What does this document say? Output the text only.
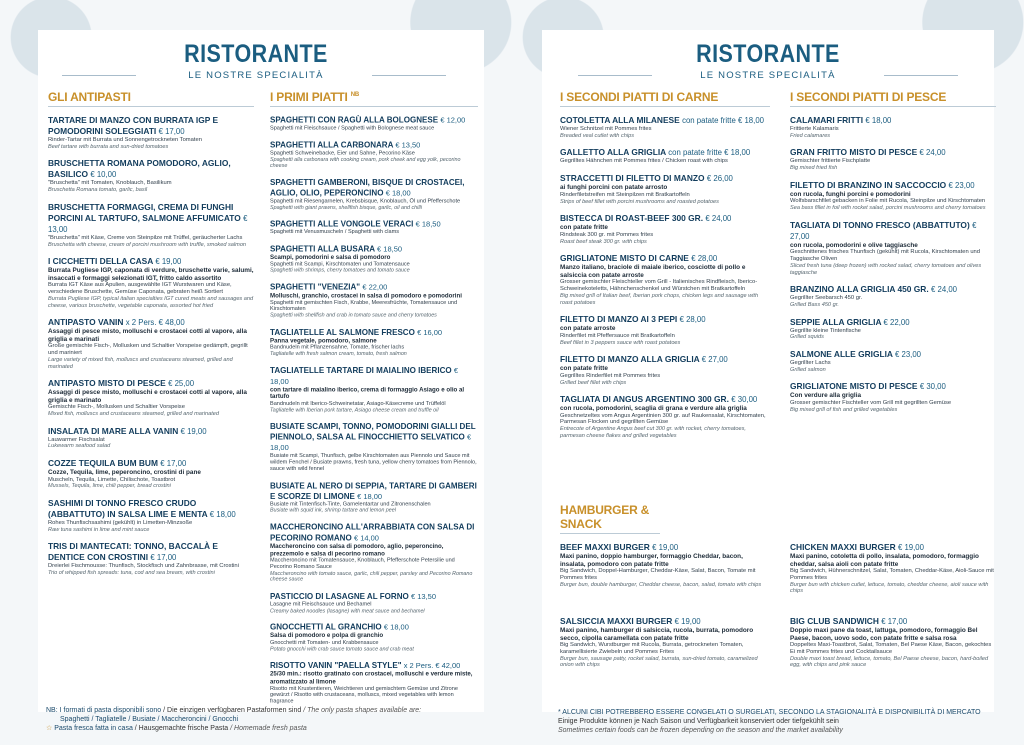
RISTORANTE
LE NOSTRE SPECIALITÀ
GLI ANTIPASTI
TARTARE DI MANZO CON BURRATA IGP E POMODORINI SOLEGGIATI € 17,00
Rinder-Tartar mit Burrata und Sonnengetrockneten Tomaten
Beef tartare with burrata and sun-dried tomatoes
BRUSCHETTA ROMANA POMODORO, AGLIO, BASILICO € 10,00
"Bruschetta" mit Tomaten, Knoblauch, Basilikum
Bruschetta Romana tomato, garlic, basil
BRUSCHETTA FORMAGGI, CREMA DI FUNGHI PORCINI AL TARTUFO, SALMONE AFFUMICATO € 13,00
"Bruschetta" mit Käse, Creme von Steinpilze mit Trüffel, geräucherter Lachs
Bruschetta with cheese, cream of porcini mushroom with truffle, smoked salmon
I CICCHETTI DELLA CASA € 19,00
Burrata Pugliese IGP, caponata di verdure, bruschette varie, salumi, insaccati e formaggi selezionati IGT, fritto caldo assortito
Burrata IGT Käse aus Apulien, ausgewählte IGT Wurstwaren und Käse, verschiedene Bruschette, Gemüse Caponata, gebraten heiß Sortiert
Burrata Pugliese IGP, typical italian specialties IGT cured meats and sausages and cheese, various bruschette, vegetable caponata, assorted hot fried
ANTIPASTO VANIN x 2 Pers. € 48,00
Assaggi di pesce misto, molluschi e crostacei cotti al vapore, alla griglia e marinati
Große gemischte Fisch-, Mollusken und Schaltier Vorspeise gedämpft, gegrillt und mariniert
Large variety of mixed fish, molluscs and crustaceans steamed, grilled and marinated
ANTIPASTO MISTO DI PESCE € 25,00
Assaggi di pesce misto, molluschi e crostacei cotti al vapore, alla griglia e marinato
Gemischte Fisch-, Mollusken und Schaltier Vorspeise
Mixed fish, molluscs and crustaceans steamed, grilled and marinated
INSALATA DI MARE ALLA VANIN € 19,00
Lauwarmer Fischsalat
Lukewarm seafood salad
COZZE TEQUILA BUM BUM € 17,00
Cozze, Tequila, lime, peperoncino, crostini di pane
Muscheln, Tequila, Limette, Chilischote, Toastbrot
Mussels, Tequila, lime, chili pepper, bread crostini
SASHIMI DI TONNO FRESCO CRUDO (ABBATTUTO) IN SALSA LIME E MENTA € 18,00
Rohes Thunfischsashimi (gekühlt) in Limetten-Minzsoße
Raw tuna sashimi in lime and mint sauce
TRIS DI MANTECATI: TONNO, BACCALÀ E DENTICE CON CROSTINI € 17,00
Dreierlei Fischmousse: Thunfisch, Stockfisch und Zahnbrasse, mit Crostini
Trio of whipped fish spreads: tuna, cod and sea bream, with crostini
I PRIMI PIATTI $^{NB}$
SPAGHETTI CON RAGÙ ALLA BOLOGNESE € 12,00
Spaghetti mit Fleischsauce / Spaghetti with Bolognese meat sauce
SPAGHETTI ALLA CARBONARA € 13,50
Spaghetti Schweinebacke, Eier und Sahne, Pecorino Käse
Spaghetti alla carbonara with cooking cream, pork cheek and egg yolk, pecorino cheese
SPAGHETTI GAMBERONI, BISQUE DI CROSTACEI, AGLIO, OLIO, PEPERONCINO € 18,00
Spaghetti mit Riesengarnelen, Krebsbisque, Knoblauch, Öl und Pfefferschote
Spaghetti with giant prawns, shellfish bisque, garlic, oil and chilli
SPAGHETTI ALLE VONGOLE VERACI € 18,50
Spaghetti mit Venusmuscheln / Spaghetti with clams
SPAGHETTI ALLA BUSARA € 18,50
Scampi, pomodorini e salsa di pomodoro
Spaghetti mit Scampi, Kirschtomaten und Tomatensauce
Spaghetti with shrimps, cherry tomatoes and tomato sauce
SPAGHETTI "VENEZIA" € 22,00
Molluschi, granchio, crostacei in salsa di pomodoro e pomodorini
Spaghetti mit gemischten Fisch, Krabbe, Meeresfrüchte, Tomatensauce und Kirschtomaten
Spaghetti with shellfish and crab in tomato sauce and cherry tomatoes
TAGLIATELLE AL SALMONE FRESCO € 16,00
Panna vegetale, pomodoro, salmone
Bandnudeln mit Pflanzensahne, Tomate, frischer lachs
Tagliatelle with fresh salmon cream, tomato, fresh salmon
TAGLIATELLE TARTARE DI MAIALINO IBERICO € 18,00
con tartare di maialino iberico, crema di formaggio Asiago e olio al tartufo
Bandnudeln mit Iberico-Schweinetatar, Asiago-Käsecreme und Trüffelöl
Tagliatelle with Iberian pork tartare, Asiago cheese cream and truffle oil
BUSIATE SCAMPI, TONNO, POMODORINI GIALLI DEL PIENNOLO, SALSA AL FINOCCHIETTO SELVATICO € 18,00
Busiate mit Scampi, Thunfisch, gelbe Kirschtomaten aus Piennolo und Sauce mit wildem Fenchel / Busiate prawns, fresh tuna, yellow cherry tomatoes from Piennolo, sauce with wild fennel
BUSIATE AL NERO DI SEPPIA, TARTARE DI GAMBERI E SCORZE DI LIMONE € 18,00
Busiate mit Tintenfisch-Tinte, Garnelentartar und Zitronenschalen
Busiate with squid ink, shrimp tartare and lemon peel
MACCHERONCINO ALL'ARRABBIATA CON SALSA DI PECORINO ROMANO € 14,00
Maccheroncino con salsa di pomodoro, aglio, peperoncino, prezzemolo e salsa di pecorino romano
Maccheroncino mit Tomatensauce, Knoblauch, Pfefferschote Petersilie und Pecorino Romano Sauce
Maccheroncino with tomato sauce, garlic, chili pepper, parsley and Pecorino Romano cheese sauce
PASTICCIO DI LASAGNE AL FORNO € 13,50
Lasagne mit Fleischsauce und Bechamel
Creamy baked noodles (lasagne) with meat sauce and bechamel
GNOCCHETTI AL GRANCHIO € 18,00
Salsa di pomodoro e polpa di granchio
Gnocchetti mit Tomaten- und Krabbensauce
Potato gnocchi with crab sauce tomato sauce and crab meat
RISOTTO VANIN "PAELLA STYLE" x 2 Pers. € 42,00
25/30 min.: risotto gratinato con crostacei, molluschi e verdure miste, aromatizzato al limone
Risotto mit Krustentieren, Weichtieren und gemischtem Gemüse und Zitrone gewürzt / Risotto with crustaceans, molluscs, mixed vegetables with lemon fragrance
NB: I formati di pasta disponibili sono / Die einzigen verfügbaren Pastaformen sind / The only pasta shapes available are:
Spaghetti / Tagliatelle / Busiate / Maccheroncini / Gnocchi
☆ Pasta fresca fatta in casa / Hausgemachte frische Pasta / Homemade fresh pasta
RISTORANTE
LE NOSTRE SPECIALITÀ
I SECONDI PIATTI DI CARNE
COTOLETTA ALLA MILANESE con patate fritte € 18,00
Wiener Schnitzel mit Pommes frites
Breaded veal cutlet with chips
GALLETTO ALLA GRIGLIA con patate fritte € 18,00
Gegrilltes Hähnchen mit Pommes frites / Chicken roast with chips
STRACCETTI DI FILETTO DI MANZO € 26,00
ai funghi porcini con patate arrosto
Rinderfiletstreifen mit Steinpilzen mit Bratkartoffeln
Strips of beef fillet with porcini mushrooms and roasted potatoes
BISTECCA DI ROAST-BEEF 300 GR. € 24,00
con patate fritte
Rindsteak 300 gr. mit Pommes frites
Roast beef steak 300 gr. with chips
GRIGLIATONE MISTO DI CARNE € 28,00
Manzo italiano, braciole di maiale iberico, cosciotte di pollo e salsiccia con patate arroste
Grosser gemischter Fleischteller vom Grill - Italienisches Rindfleisch, Iberico-Schweinekoteletts, Hähnchenschenkel und Würstchen mit Bratkartoffeln
Big mixed grill of Italian beef, Iberian pork chops, chicken legs and sausage with roast potatoes
FILETTO DI MANZO AI 3 PEPI € 28,00
con patate arroste
Rinderfilet mit Pfeffersauce mit Bratkartoffeln
Beef fillet in 3 peppers sauce with roast potatoes
FILETTO DI MANZO ALLA GRIGLIA € 27,00
con patate fritte
Gegrilltes Rinderfilet mit Pommes frites
Grilled beef fillet with chips
TAGLIATA DI ANGUS ARGENTINO 300 GR. € 30,00
con rucola, pomodorini, scaglia di grana e verdure alla griglia
Geschnetzeltes vom Angus Argentinien 300 gr. auf Raukensalat, Kirschtomaten, Parmesan Flocken und gegrillten Gemüse
Entrecote of Argentine Angus beef cut 300 gr. with rocket, cherry tomatoes, parmesan cheese flakes and grilled vegetables
I SECONDI PIATTI DI PESCE
CALAMARI FRITTI € 18,00
Frittierte Kalamaris
Fried calamares
GRAN FRITTO MISTO DI PESCE € 24,00
Gemischter frittierte Fischplatte
Big mixed fried fish
FILETTO DI BRANZINO IN SACCOCCIO € 23,00
con rucola, funghi porcini e pomodorini
Wolfsbarschfilet gebacken in Folie mit Rucola, Steinpilze und Kirschtomaten
Sea bass fillet in foil with rocket salad, porcini mushrooms and cherry tomatoes
TAGLIATA DI TONNO FRESCO (ABBATTUTO) € 27,00
con rucola, pomodorini e olive taggiasche
Geschnittenes frisches Thunfisch (gekühlt) mit Rucola, Kirschtomaten und Taggiasche Oliven
Sliced fresh tuna (deep frozen) with rocked salad, cherry tomatoes and olives taggiasche
BRANZINO ALLA GRIGLIA 450 GR. € 24,00
Gegrillter Seebarsch 450 gr.
Grilled Bass 450 gr.
SEPPIE ALLA GRIGLIA € 22,00
Gegrillte kleine Tintenfische
Grilled squids
SALMONE ALLE GRIGLIA € 23,00
Gegrillter Lachs
Grilled salmon
GRIGLIATONE MISTO DI PESCE € 30,00
Con verdure alla griglia
Grosser gemischter Fischteller vom Grill mit gegrillten Gemüse
Big mixed grill of fish and grilled vegetables
HAMBURGER & SNACK
BEEF MAXXI BURGER € 19,00
Maxi panino, doppio hamburger, formaggio Cheddar, bacon, insalata, pomodoro con patate fritte
Big Sandwich, Doppel-Hamburger, Cheddar-Käse, Salat, Bacon, Tomate mit Pommes frites
Burger bun, double hamburger, Cheddar cheese, bacon, salad, tomato with chips
SALSICCIA MAXXI BURGER € 19,00
Maxi panino, hamburger di salsiccia, rucola, burrata, pomodoro secco, cipolla caramellata con patate fritte
Big Sandwich, Wurstburger mit Rucola, Burrata, getrockneten Tomaten, karamellisierte Zwiebeln und Pommes Frites
Burger bun, sausage patty, rocket salad, burrata, sun-dried tomato, caramelized onion with chips
CHICKEN MAXXI BURGER € 19,00
Maxi panino, cotoletta di pollo, insalata, pomodoro, formaggio cheddar, salsa aioli con patate fritte
Big Sandwich, Hühnerschnitzel, Salat, Tomaten, Cheddar-Käse, Aioli-Sauce mit Pommes frites
Burger bun with chicken cutlet, lettuce, tomato, cheddar cheese, aioli sauce with chips
BIG CLUB SANDWICH € 17,00
Doppio maxi pane da toast, lattuga, pomodoro, formaggio Bel Paese, bacon, uovo sodo, con patate fritte e salsa rosa
Doppeltes Maxi-Toastbrot, Salat, Tomaten, Bel Paese Käse, Bacon, gekochtes Ei mit Pommes frites und Cocktailsauce
Double maxi toast bread, lettuce, tomato, Bel Paese cheese, bacon, hard-boiled egg, with chips and pink sauce
* ALCUNI CIBI POTREBBERO ESSERE CONGELATI O SURGELATI, SECONDO LA STAGIONALITÀ E DISPONIBILITÀ DI MERCATO
Einige Produkte können je Nach Saison und Verfügbarkeit konserviert oder tiefgekühlt sein
Sometimes certain foods can be frozen depending on the season and the market availability
